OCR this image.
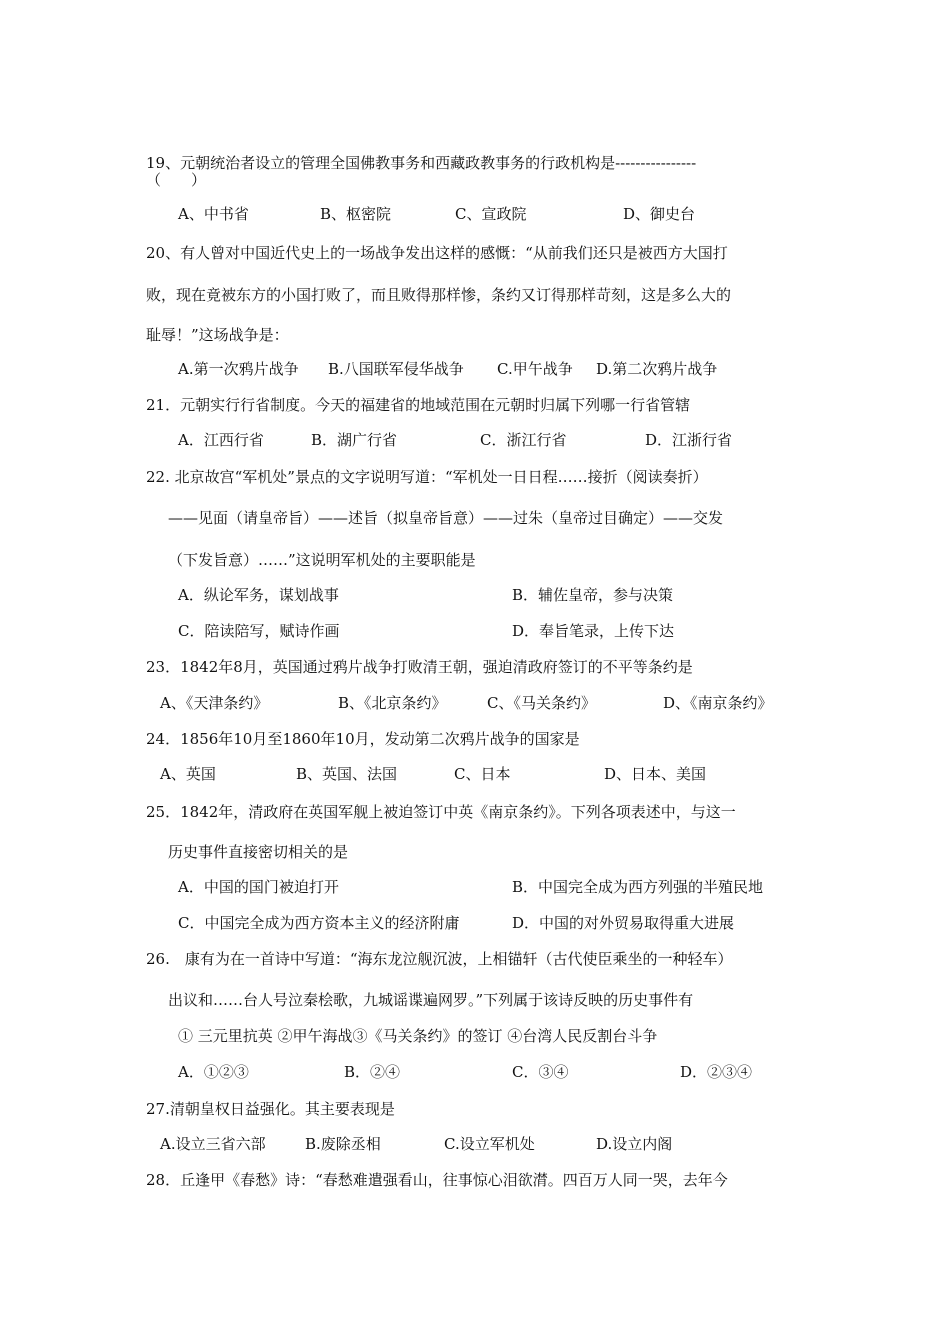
19、元朝统治者设立的管理全国佛教事务和西藏政教事务的行政机构是----------------
（　　）
A、中书省	B、枢密院	C、宣政院	D、御史台
20、有人曾对中国近代史上的一场战争发出这样的感慨：“从前我们还只是被西方大国打
败，现在竟被东方的小国打败了，而且败得那样惨，条约又订得那样苛刻，这是多么大的
耻辱！”这场战争是：
A.第一次鸦片战争 B.八国联军侵华战争 C.甲午战争 D.第二次鸦片战争
21．元朝实行行省制度。今天的福建省的地域范围在元朝时归属下列哪一行省管辖
A．江西行省	B．湖广行省	C．浙江行省	D．江浙行省
22. 北京故宫“军机处”景点的文字说明写道：“军机处一日日程……接折（阅读奏折）
——见面（请皇帝旨）——述旨（拟皇帝旨意）——过朱（皇帝过目确定）——交发
（下发旨意）……”这说明军机处的主要职能是
A．纵论军务，谋划战事	B．辅佐皇帝，参与决策
C．陪读陪写，赋诗作画	D．奉旨笔录，上传下达
23．1842年8月，英国通过鸦片战争打败清王朝，强迫清政府签订的不平等条约是
A、《天津条约》	B、《北京条约》	C、《马关条约》	D、《南京条约》
24．1856年10月至1860年10月，发动第二次鸦片战争的国家是
A、英国	B、英国、法国	C、日本	D、日本、美国
25．1842年，清政府在英国军舰上被迫签订中英《南京条约》。下列各项表述中，与这一
历史事件直接密切相关的是
A．中国的国门被迫打开	B．中国完全成为西方列强的半殖民地
C．中国完全成为西方资本主义的经济附庸	D．中国的对外贸易取得重大进展
26.　康有为在一首诗中写道：“海东龙泣舰沉波，上相锚轩（古代使臣乘坐的一种轻车）
出议和……台人号泣秦桧歌，九城谣谍遍网罗。”下列属于该诗反映的历史事件有
① 三元里抗英 ②甲午海战③《马关条约》的签订 ④台湾人民反割台斗争
A．①②③	B．②④	C．③④	D．②③④
27.清朝皇权日益强化。其主要表现是
A.设立三省六部	B.废除丞相	C.设立军机处	D.设立内阁
28．丘逢甲《春愁》诗：“春愁难遣强看山，往事惊心泪欲潸。四百万人同一哭，去年今
